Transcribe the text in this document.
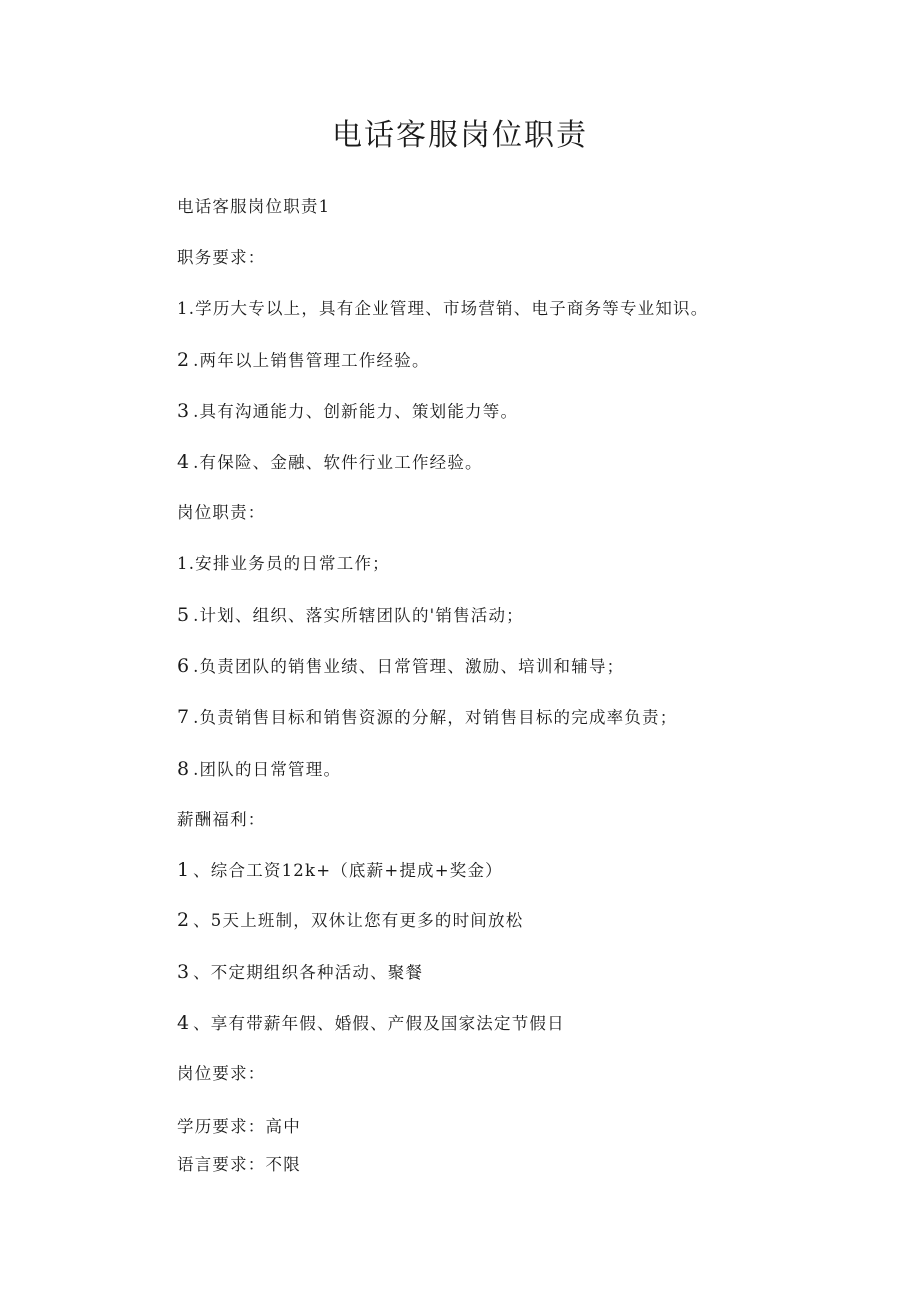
电话客服岗位职责

电话客服岗位职责1

职务要求：

1.学历大专以上，具有企业管理、市场营销、电子商务等专业知识。

2.两年以上销售管理工作经验。

3.具有沟通能力、创新能力、策划能力等。

4.有保险、金融、软件行业工作经验。

岗位职责：

1.安排业务员的日常工作；

5.计划、组织、落实所辖团队的'销售活动；

6.负责团队的销售业绩、日常管理、激励、培训和辅导；

7.负责销售目标和销售资源的分解，对销售目标的完成率负责；

8.团队的日常管理。

薪酬福利：

1、综合工资12k+（底薪+提成+奖金）

2、5天上班制，双休让您有更多的时间放松

3、不定期组织各种活动、聚餐

4、享有带薪年假、婚假、产假及国家法定节假日

岗位要求：

学历要求：高中

语言要求：不限
